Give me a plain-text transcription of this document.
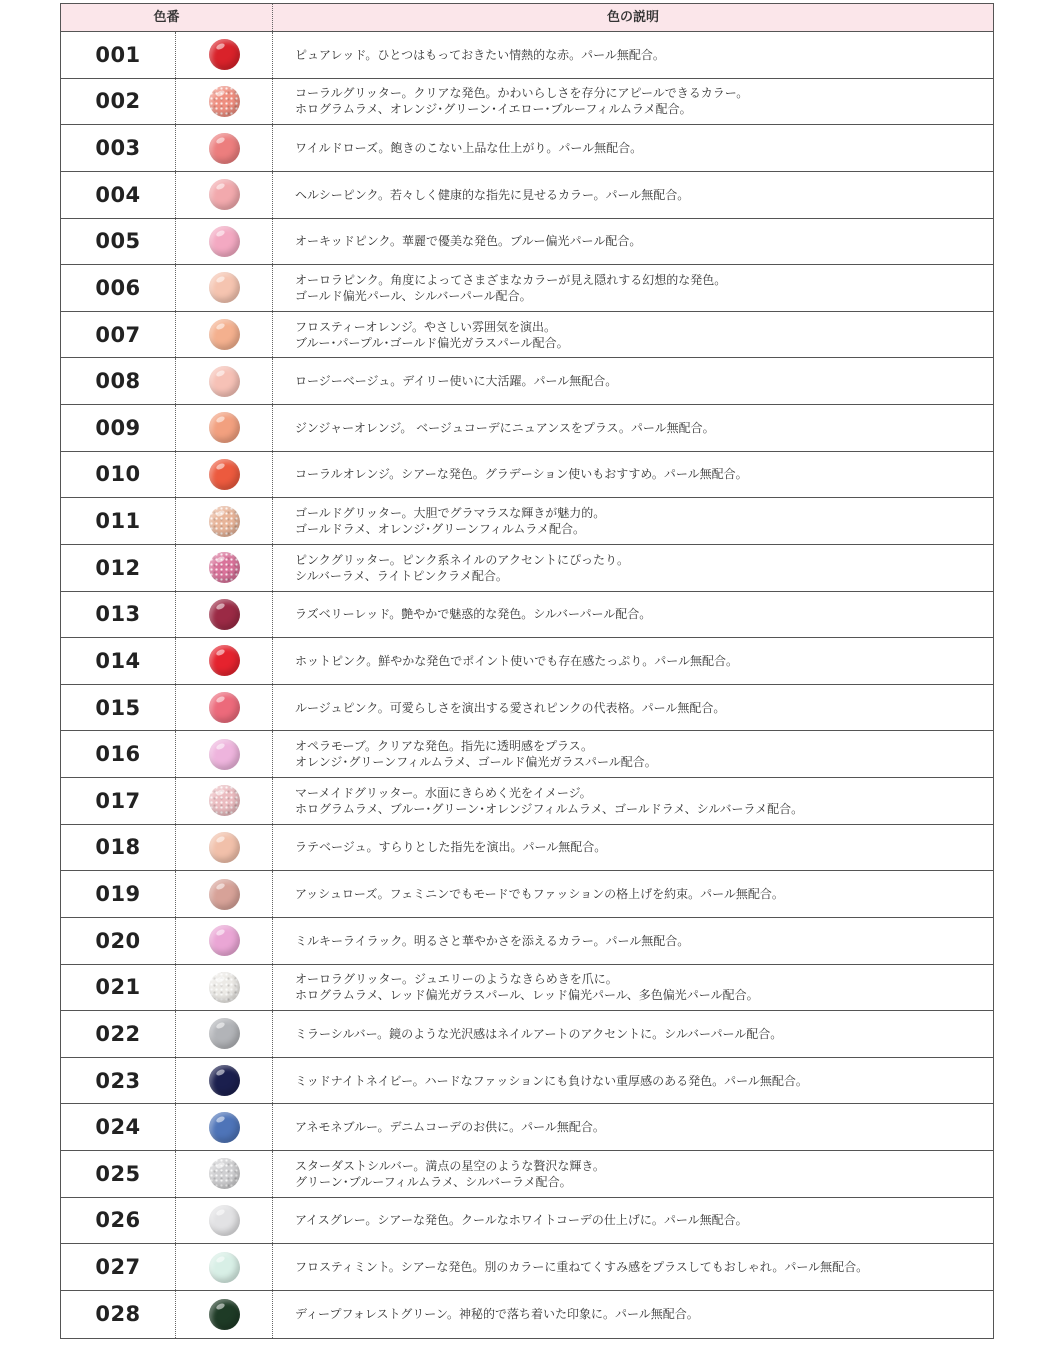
色番	色の説明
001	ピュアレッド。ひとつはもっておきたい情熱的な赤。パール無配合。
002	コーラルグリッター。クリアな発色。かわいらしさを存分にアピールできるカラー。
ホログラムラメ、オレンジ･グリーン･イエロー･ブルーフィルムラメ配合。
003	ワイルドローズ。飽きのこない上品な仕上がり。パール無配合。
004	ヘルシーピンク。若々しく健康的な指先に見せるカラー。パール無配合。
005	オーキッドピンク。華麗で優美な発色。ブルー偏光パール配合。
006	オーロラピンク。角度によってさまざまなカラーが見え隠れする幻想的な発色。
ゴールド偏光パール、シルバーパール配合。
007	フロスティーオレンジ。やさしい雰囲気を演出。
ブルー･パープル･ゴールド偏光ガラスパール配合。
008	ロージーベージュ。デイリー使いに大活躍。パール無配合。
009	ジンジャーオレンジ。 ベージュコーデにニュアンスをプラス。パール無配合。
010	コーラルオレンジ。シアーな発色。グラデーション使いもおすすめ。パール無配合。
011	ゴールドグリッター。大胆でグラマラスな輝きが魅力的。
ゴールドラメ、オレンジ･グリーンフィルムラメ配合。
012	ピンクグリッター。ピンク系ネイルのアクセントにぴったり。
シルバーラメ、ライトピンクラメ配合。
013	ラズベリーレッド。艶やかで魅惑的な発色。シルバーパール配合。
014	ホットピンク。鮮やかな発色でポイント使いでも存在感たっぷり。パール無配合。
015	ルージュピンク。可愛らしさを演出する愛されピンクの代表格。パール無配合。
016	オペラモーブ。クリアな発色。指先に透明感をプラス。
オレンジ･グリーンフィルムラメ、ゴールド偏光ガラスパール配合。
017	マーメイドグリッター。水面にきらめく光をイメージ。
ホログラムラメ、ブルー･グリーン･オレンジフィルムラメ、ゴールドラメ、シルバーラメ配合。
018	ラテベージュ。すらりとした指先を演出。パール無配合。
019	アッシュローズ。フェミニンでもモードでもファッションの格上げを約束。パール無配合。
020	ミルキーライラック。明るさと華やかさを添えるカラー。パール無配合。
021	オーロラグリッター。ジュエリーのようなきらめきを爪に。
ホログラムラメ、レッド偏光ガラスパール、レッド偏光パール、多色偏光パール配合。
022	ミラーシルバー。鏡のような光沢感はネイルアートのアクセントに。シルバーパール配合。
023	ミッドナイトネイビー。ハードなファッションにも負けない重厚感のある発色。パール無配合。
024	アネモネブルー。デニムコーデのお供に。パール無配合。
025	スターダストシルバー。満点の星空のような贅沢な輝き。
グリーン･ブルーフィルムラメ、シルバーラメ配合。
026	アイスグレー。シアーな発色。クールなホワイトコーデの仕上げに。パール無配合。
027	フロスティミント。シアーな発色。別のカラーに重ねてくすみ感をプラスしてもおしゃれ。パール無配合。
028	ディープフォレストグリーン。神秘的で落ち着いた印象に。パール無配合。
